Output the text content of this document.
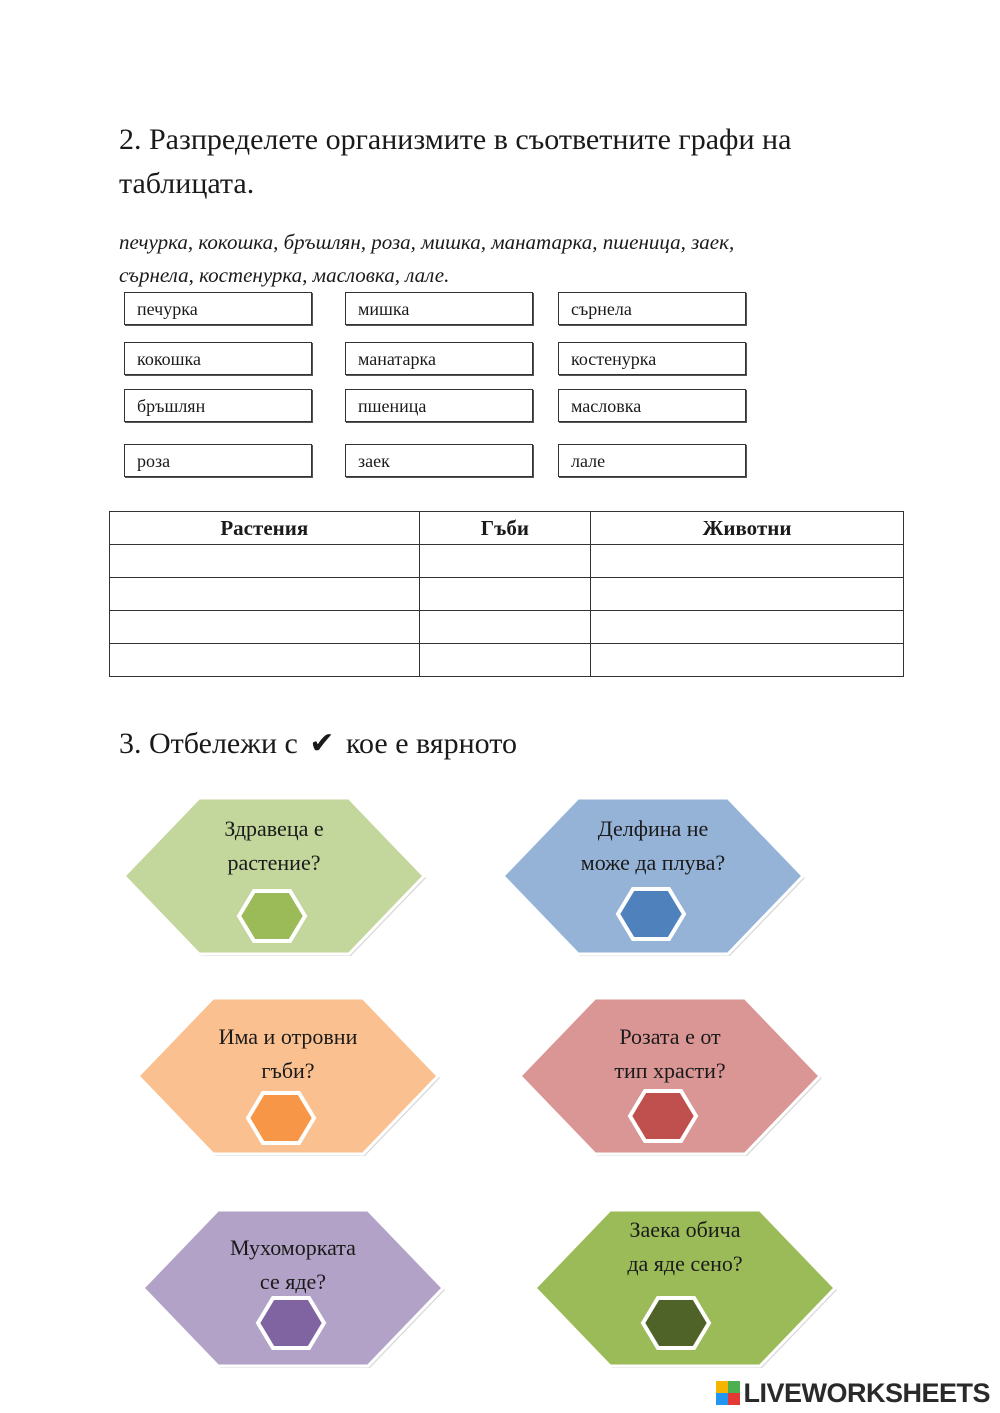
2. Разпределете организмите в съответните графи на
таблицата.
печурка, кокошка, бръшлян, роза, мишка, манатарка, пшеница, заек,
сърнела, костенурка, масловка, лале.
печурка	мишка	сърнела
кокошка	манатарка	костенурка
бръшлян	пшеница	масловка
роза	заек	лале
Растения	Гъби	Животни

3. Отбележи с ✔ кое е вярното
Здравеца е
растение?
Делфина не
може да плува?
Има и отровни
гъби?
Розата е от
тип храсти?
Мухоморката
се яде?
Заека обича
да яде сено?
LIVEWORKSHEETS
